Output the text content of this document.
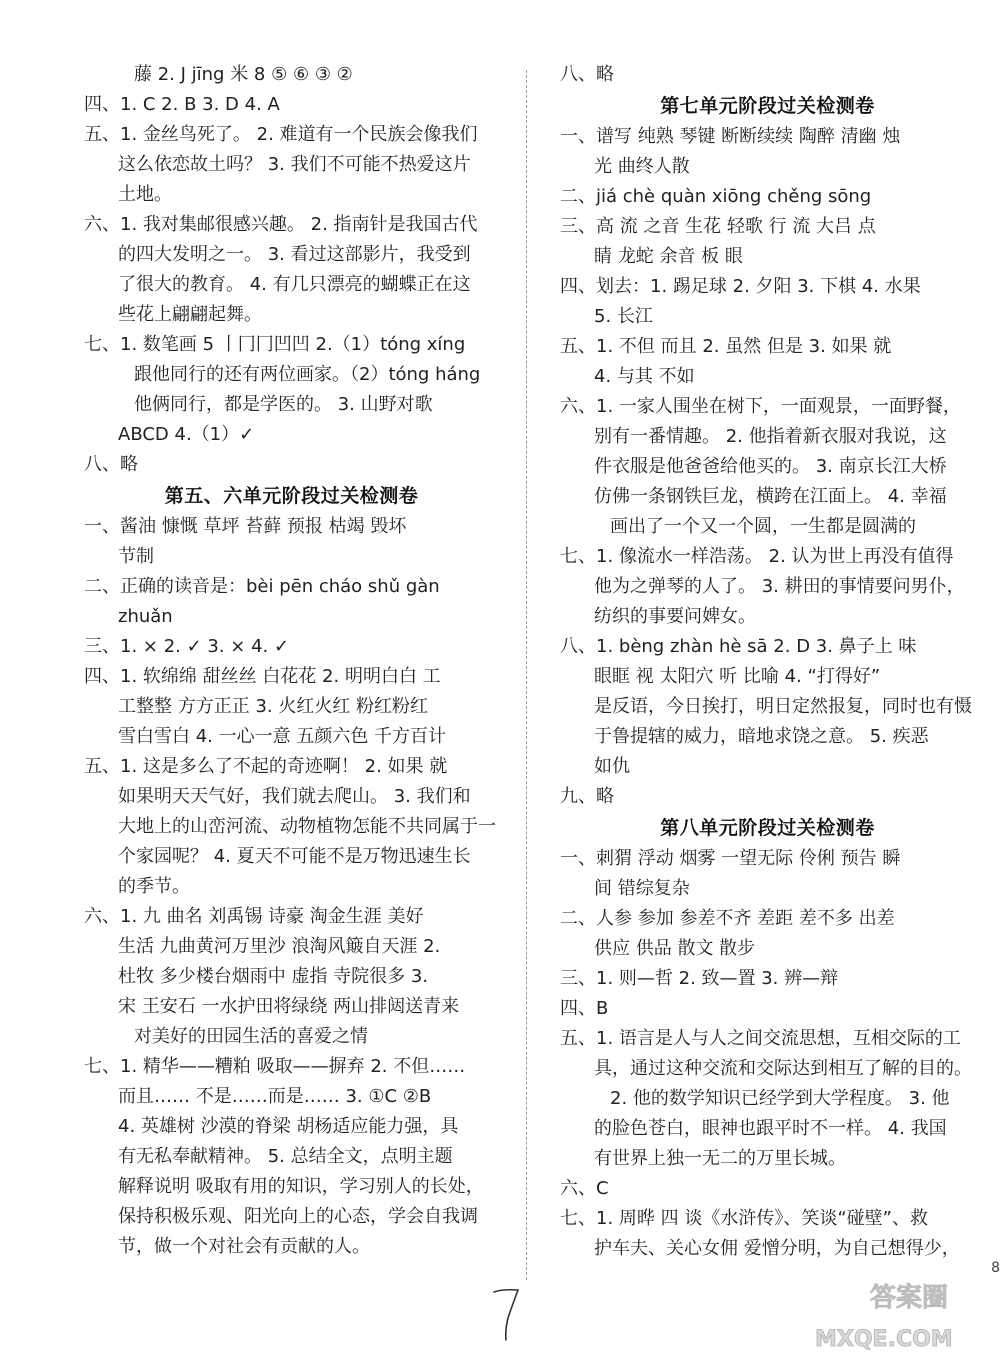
藤 2. J jīng 米 8 ⑤ ⑥ ③ ②
四、1. C 2. B 3. D 4. A
五、1. 金丝鸟死了。 2. 难道有一个民族会像我们
这么依恋故土吗？ 3. 我们不可能不热爱这片
土地。
六、1. 我对集邮很感兴趣。 2. 指南针是我国古代
的四大发明之一。 3. 看过这部影片，我受到
了很大的教育。 4. 有几只漂亮的蝴蝶正在这
些花上翩翩起舞。
七、1. 数笔画 5 丨冂冂凹凹 2.（1）tóng xíng
跟他同行的还有两位画家。（2）tóng háng
他俩同行，都是学医的。 3. 山野对歌
ABCD 4.（1）✓
八、略
第五、六单元阶段过关检测卷
一、酱油 慷慨 草坪 苔藓 预报 枯竭 毁坏
节制
二、正确的读音是：bèi pēn cháo shǔ gàn
zhuǎn
三、1. × 2. ✓ 3. × 4. ✓
四、1. 软绵绵 甜丝丝 白花花 2. 明明白白 工
工整整 方方正正 3. 火红火红 粉红粉红
雪白雪白 4. 一心一意 五颜六色 千方百计
五、1. 这是多么了不起的奇迹啊！ 2. 如果 就
如果明天天气好，我们就去爬山。 3. 我们和
大地上的山峦河流、动物植物怎能不共同属于一
个家园呢？ 4. 夏天不可能不是万物迅速生长
的季节。
六、1. 九 曲名 刘禹锡 诗豪 淘金生涯 美好
生活 九曲黄河万里沙 浪淘风簸自天涯 2.
杜牧 多少楼台烟雨中 虚指 寺院很多 3.
宋 王安石 一水护田将绿绕 两山排闼送青来
对美好的田园生活的喜爱之情
七、1. 精华——糟粕 吸取——摒弃 2. 不但……
而且…… 不是……而是…… 3. ①C ②B
4. 英雄树 沙漠的脊梁 胡杨适应能力强，具
有无私奉献精神。 5. 总结全文，点明主题
解释说明 吸取有用的知识，学习别人的长处，
保持积极乐观、阳光向上的心态，学会自我调
节，做一个对社会有贡献的人。
八、略
第七单元阶段过关检测卷
一、谱写 纯熟 琴键 断断续续 陶醉 清幽 烛
光 曲终人散
二、jiá chè quàn xiōng chěng sōng
三、高 流 之音 生花 轻歌 行 流 大吕 点
睛 龙蛇 余音 板 眼
四、划去：1. 踢足球 2. 夕阳 3. 下棋 4. 水果
5. 长江
五、1. 不但 而且 2. 虽然 但是 3. 如果 就
4. 与其 不如
六、1. 一家人围坐在树下，一面观景，一面野餐，
别有一番情趣。 2. 他指着新衣服对我说，这
件衣服是他爸爸给他买的。 3. 南京长江大桥
仿佛一条钢铁巨龙，横跨在江面上。 4. 幸福
画出了一个又一个圆，一生都是圆满的
七、1. 像流水一样浩荡。 2. 认为世上再没有值得
他为之弹琴的人了。 3. 耕田的事情要问男仆，
纺织的事要问婢女。
八、1. bèng zhàn hè sā 2. D 3. 鼻子上 味
眼眶 视 太阳穴 听 比喻 4. “打得好”
是反语，今日挨打，明日定然报复，同时也有慑
于鲁提辖的威力，暗地求饶之意。 5. 疾恶
如仇
九、略
第八单元阶段过关检测卷
一、刺猬 浮动 烟雾 一望无际 伶俐 预告 瞬
间 错综复杂
二、人参 参加 参差不齐 差距 差不多 出差
供应 供品 散文 散步
三、1. 则—哲 2. 致—置 3. 辨—辩
四、B
五、1. 语言是人与人之间交流思想，互相交际的工
具，通过这种交流和交际达到相互了解的目的。
2. 他的数学知识已经学到大学程度。 3. 他
的脸色苍白，眼神也跟平时不一样。 4. 我国
有世界上独一无二的万里长城。
六、C
七、1. 周晔 四 谈《水浒传》、笑谈“碰壁”、救
护车夫、关心女佣 爱憎分明，为自己想得少，
8
答案圈
MXQE.COM
